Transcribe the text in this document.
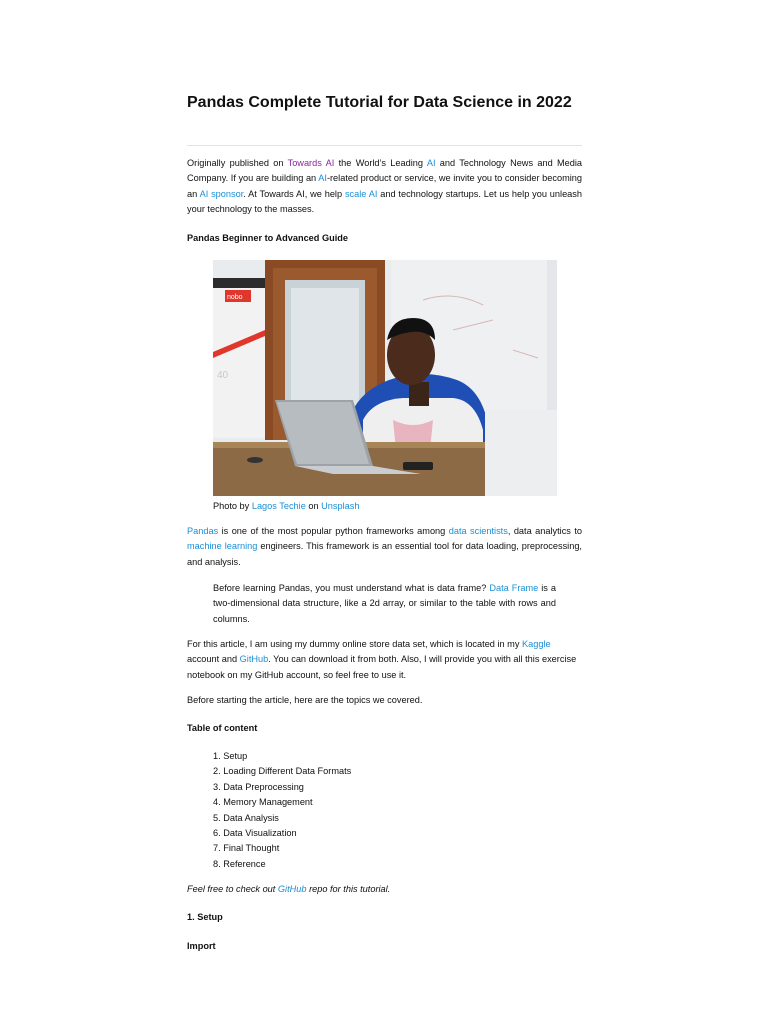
Pandas Complete Tutorial for Data Science in 2022

Originally published on Towards AI the World’s Leading AI and Technology News and Media Company. If you are building an AI-related product or service, we invite you to consider becoming an AI sponsor. At Towards AI, we help scale AI and technology startups. Let us help you unleash your technology to the masses.

Pandas Beginner to Advanced Guide
nobo
40
Photo by Lagos Techie on Unsplash

Pandas is one of the most popular python frameworks among data scientists, data analytics to machine learning engineers. This framework is an essential tool for data loading, preprocessing, and analysis.

Before learning Pandas, you must understand what is data frame? Data Frame is a two-dimensional data structure, like a 2d array, or similar to the table with rows and columns.

For this article, I am using my dummy online store data set, which is located in my Kaggle account and GitHub. You can download it from both. Also, I will provide you with all this exercise notebook on my GitHub account, so feel free to use it.

Before starting the article, here are the topics we covered.

Table of content
Setup
Loading Different Data Formats
Data Preprocessing
Memory Management
Data Analysis
Data Visualization
Final Thought
Reference

Feel free to check out GitHub repo for this tutorial.

1. Setup
Import
